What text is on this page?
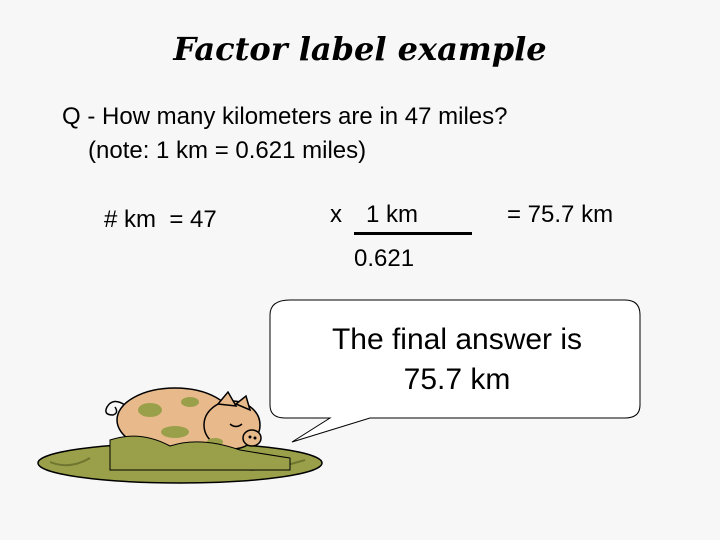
Factor label example
Q - How many kilometers are in 47 miles?
(note: 1 km = 0.621 miles)
# km  = 47	x 1 km
0.621
= 75.7 km
The final answer is
75.7 km
